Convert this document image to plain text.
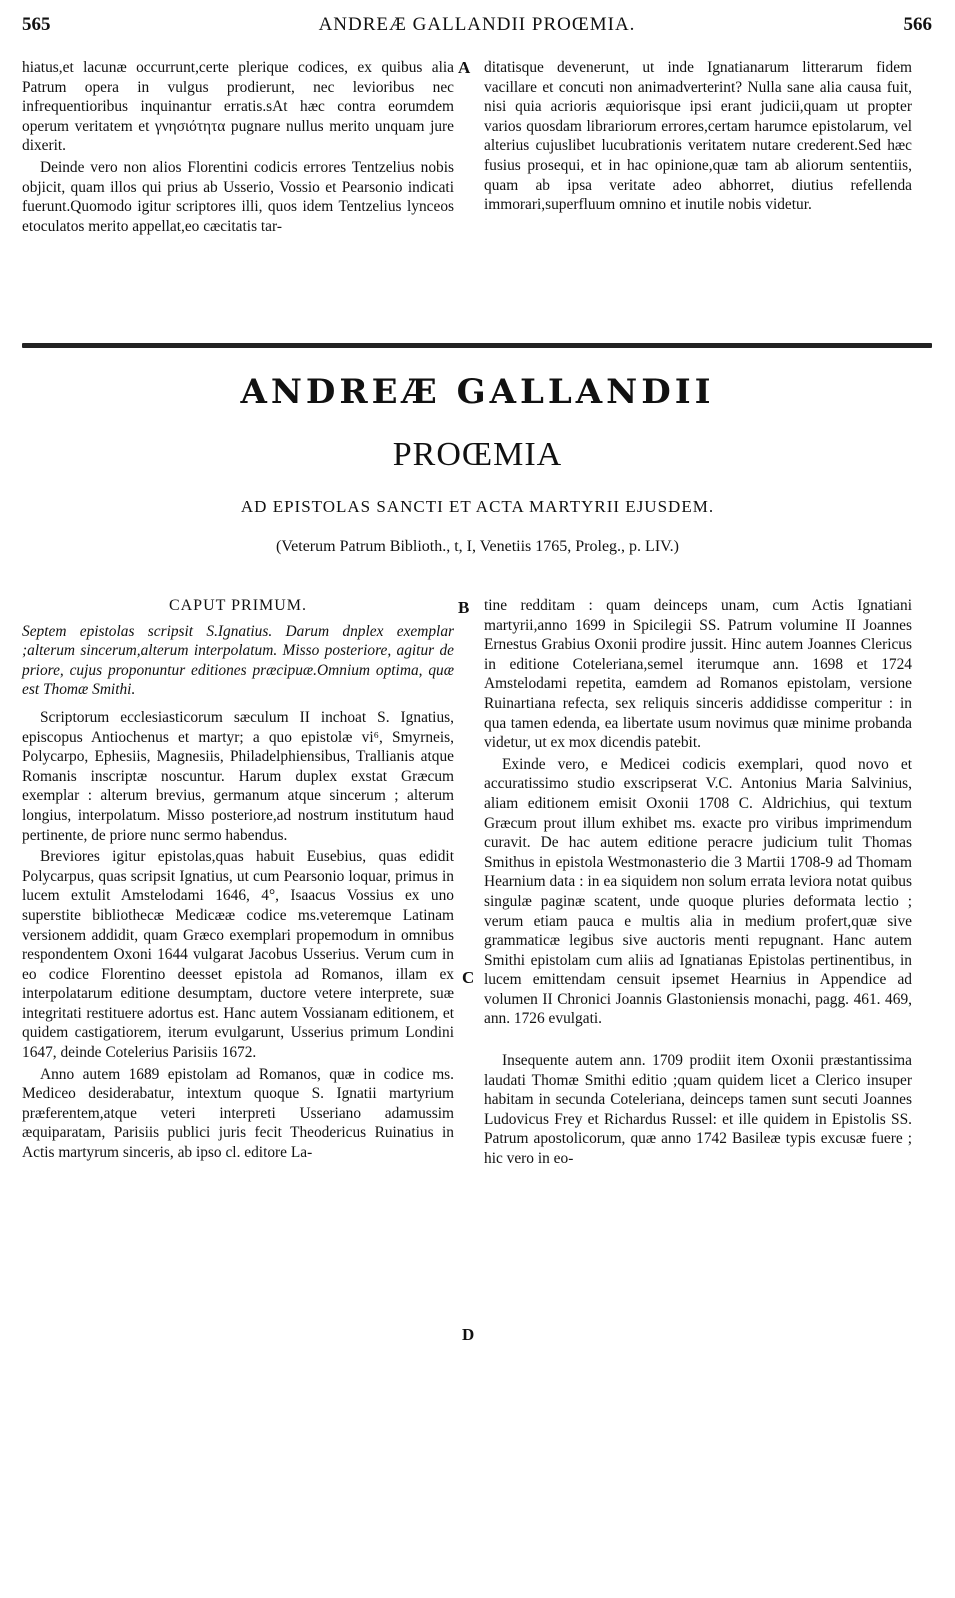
565	ANDREÆ GALLANDII PROŒMIA.	566

hiatus,et lacunæ occurrunt,certe plerique codices, ex quibus alia Patrum opera in vulgus prodierunt, nec levioribus nec infrequentioribus inquinantur erratis.sAt hæc contra eorumdem operum veritatem et γνησιότητα pugnare nullus merito unquam jure dixerit.

Deinde vero non alios Florentini codicis errores Tentzelius nobis objicit, quam illos qui prius ab Usserio, Vossio et Pearsonio indicati fuerunt.Quomodo igitur scriptores illi, quos idem Tentzelius lynceos etoculatos merito appellat,eo cæcitatis tar-

A ditatisque devenerunt, ut inde Ignatianarum litterarum fidem vacillare et concuti non animadverterint? Nulla sane alia causa fuit, nisi quia acrioris æquiorisque ipsi erant judicii,quam ut propter varios quosdam librariorum errores,certam harumce epistolarum, vel alterius cujuslibet lucubrationis veritatem nutare crederent.Sed hæc fusius prosequi, et in hac opinione,quæ tam ab aliorum sententiis, quam ab ipsa veritate adeo abhorret, diutius refellenda immorari,superfluum omnino et inutile nobis videtur.

ANDREÆ GALLANDII
PROŒMIA
AD EPISTOLAS SANCTI ET ACTA MARTYRII EJUSDEM.
(Veterum Patrum Biblioth., t, I, Venetiis 1765, Proleg., p. LIV.)

CAPUT PRIMUM.

Septem epistolas scripsit S.Ignatius. Darum dnplex exemplar ;alterum sincerum,alterum interpolatum. Misso posteriore, agitur de priore, cujus proponuntur editiones præcipuæ.Omnium optima, quæ est Thomæ Smithi.

Scriptorum ecclesiasticorum sæculum II inchoat S. Ignatius, episcopus Antiochenus et martyr; a quo epistolæ vi⁶, Smyrneis, Polycarpo, Ephesiis, Magnesiis, Philadelphiensibus, Trallianis atque Romanis inscriptæ noscuntur. Harum duplex exstat Græcum exemplar : alterum brevius, germanum atque sincerum ; alterum longius, interpolatum. Misso posteriore,ad nostrum institutum haud pertinente, de priore nunc sermo habendus.

Breviores igitur epistolas,quas habuit Eusebius, quas edidit Polycarpus, quas scripsit Ignatius, ut cum Pearsonio loquar, primus in lucem extulit Amstelodami 1646, 4°, Isaacus Vossius ex uno superstite bibliothecæ Medicææ codice ms.veteremque Latinam versionem addidit, quam Græco exemplari propemodum in omnibus respondentem Oxoni 1644 vulgarat Jacobus Usserius. Verum cum in eo codice Florentino deesset epistola ad Romanos, illam ex interpolatarum editione desumptam, ductore vetere interprete, suæ integritati restituere adortus est. Hanc autem Vossianam editionem, et quidem castigatiorem, iterum evulgarunt, Usserius primum Londini 1647, deinde Cotelerius Parisiis 1672.

Anno autem 1689 epistolam ad Romanos, quæ in codice ms. Mediceo desiderabatur, intextum quoque S. Ignatii martyrium præferentem,atque veteri interpreti Usseriano adamussim æquiparatam, Parisiis publici juris fecit Theodericus Ruinatius in Actis martyrum sinceris, ab ipso cl. editore La-

B
C
D

tine redditam : quam deinceps unam, cum Actis Ignatiani martyrii,anno 1699 in Spicilegii SS. Patrum volumine II Joannes Ernestus Grabius Oxonii prodire jussit. Hinc autem Joannes Clericus in editione Coteleriana,semel iterumque ann. 1698 et 1724 Amstelodami repetita, eamdem ad Romanos epistolam, versione Ruinartiana refecta, sex reliquis sinceris addidisse comperitur : in qua tamen edenda, ea libertate usum novimus quæ minime probanda videtur, ut ex mox dicendis patebit.

Exinde vero, e Medicei codicis exemplari, quod novo et accuratissimo studio exscripserat V.C. Antonius Maria Salvinius, aliam editionem emisit Oxonii 1708 C. Aldrichius, qui textum Græcum prout illum exhibet ms. exacte pro viribus imprimendum curavit. De hac autem editione peracre judicium tulit Thomas Smithus in epistola Westmonasterio die 3 Martii 1708-9 ad Thomam Hearnium data : in ea siquidem non solum errata leviora notat quibus singulæ paginæ scatent, unde quoque pluries deformata lectio ; verum etiam pauca e multis alia in medium profert,quæ sive grammaticæ legibus sive auctoris menti repugnant. Hanc autem Smithi epistolam cum aliis ad Ignatianas Epistolas pertinentibus, in lucem emittendam censuit ipsemet Hearnius in Appendice ad volumen II Chronici Joannis Glastoniensis monachi, pagg. 461. 469, ann. 1726 evulgati.

Insequente autem ann. 1709 prodiit item Oxonii præstantissima laudati Thomæ Smithi editio ;quam quidem licet a Clerico insuper habitam in secunda Coteleriana, deinceps tamen sunt secuti Joannes Ludovicus Frey et Richardus Russel: et ille quidem in Epistolis SS. Patrum apostolicorum, quæ anno 1742 Basileæ typis excusæ fuere ; hic vero in eo-
